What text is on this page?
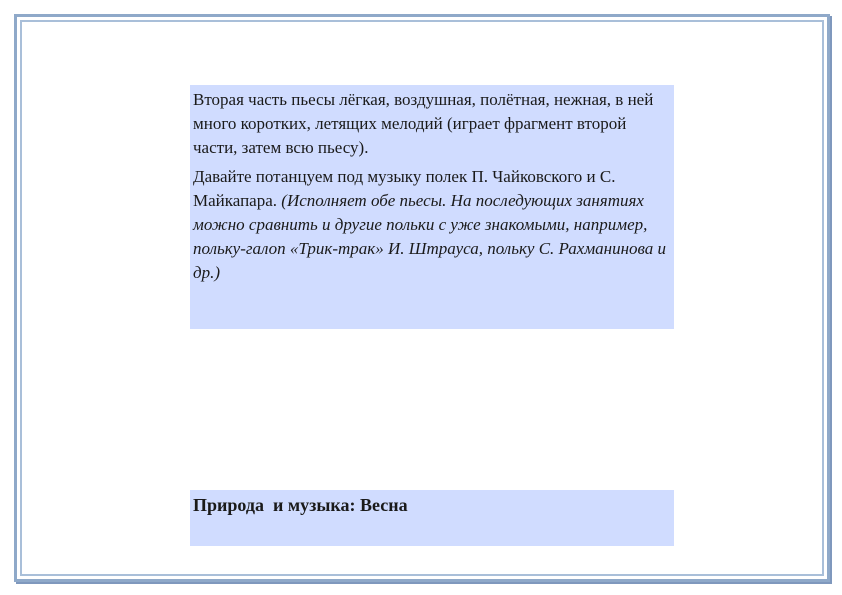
Вторая часть пьесы лёгкая, воздушная, полётная, нежная, в ней много коротких, летящих мелодий (играет фрагмент второй части, затем всю пьесу).

Давайте потанцуем под музыку полек П. Чайковского и С. Майкапара. (Исполняет обе пьесы. На последующих занятиях можно сравнить и другие польки с уже знакомыми, например, польку-галоп «Трик-трак» И. Штрауса, польку С. Рахманинова и др.)

Природа  и музыка: Весна
